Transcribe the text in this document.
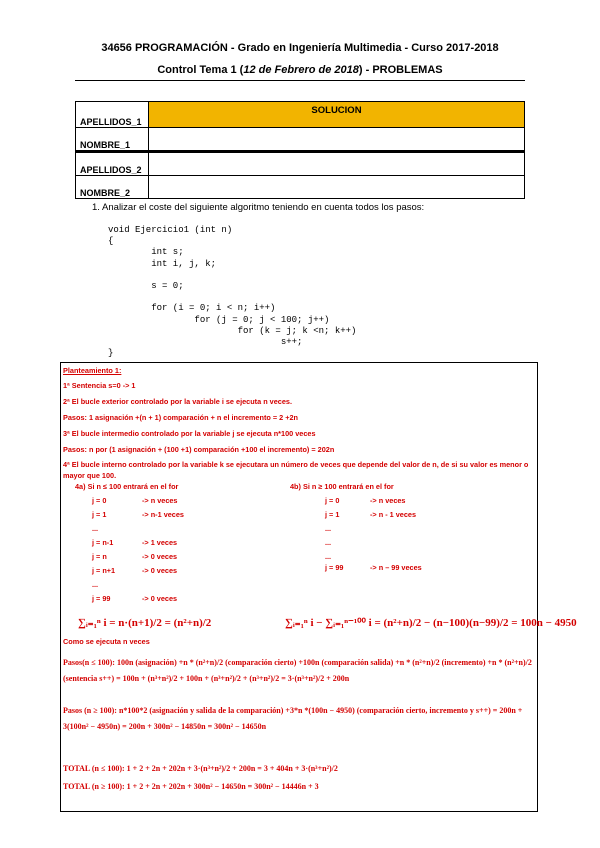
34656 PROGRAMACIÓN - Grado en Ingeniería Multimedia - Curso 2017-2018
Control Tema 1 (12 de Febrero de 2018) - PROBLEMAS
APELLIDOS_1	SOLUCION
NOMBRE_1	
APELLIDOS_2	
NOMBRE_2	
1. Analizar el coste del siguiente algoritmo teniendo en cuenta todos los pasos:
void Ejercicio1 (int n)
{
int s;
int i, j, k;

s = 0;

for (i = 0; i < n; i++)
for (j = 0; j < 100; j++)
for (k = j; k <n; k++)
s++;
}
Planteamiento 1:
1ª Sentencia s=0 -> 1
2ª El bucle exterior controlado por la variable i se ejecuta n veces.
Pasos: 1 asignación +(n + 1) comparación + n el incremento = 2 +2n
3ª El bucle intermedio controlado por la variable j se ejecuta n*100 veces
Pasos: n por (1 asignación + (100 +1) comparación +100 el incremento) = 202n
4ª El bucle interno controlado por la variable k se ejecutara un número de veces que depende del valor de n, de si su valor es menor o mayor que 100.
4a) Si n ≤ 100 entrará en el for	4b) Si n ≥ 100 entrará en el for
j = 0	-> n veces
j = 1	-> n-1 veces
...
j = n-1	-> 1 veces
j = n	-> 0 veces
j = n+1	-> 0 veces
...
j = 99	-> 0 veces
j = 0	-> n veces
j = 1	-> n - 1 veces
...
...
...
j = 99	-> n – 99 veces
∑ᵢ₌₁ⁿ i = n·(n+1)/2 = (n²+n)/2	∑ᵢ₌₁ⁿ i − ∑ᵢ₌₁ⁿ⁻¹⁰⁰ i = (n²+n)/2 − (n−100)(n−99)/2 = 100n − 4950
Como se ejecuta n veces
Pasos(n ≤ 100): 100n (asignación) +n * (n²+n)/2 (comparación cierto) +100n (comparación salida) +n * (n²+n)/2 (incremento) +n * (n²+n)/2 (sentencia s++) = 100n + (n³+n²)/2 + 100n + (n³+n²)/2 + (n³+n²)/2 = 3·(n³+n²)/2 + 200n
Pasos (n ≥ 100): n*100*2 (asignación y salida de la comparación) +3*n *(100n − 4950) (comparación cierto, incremento y s++) = 200n + 3(100n² − 4950n) = 200n + 300n² − 14850n = 300n² − 14650n
TOTAL (n ≤ 100): 1 + 2 + 2n + 202n + 3·(n³+n²)/2 + 200n = 3 + 404n + 3·(n³+n²)/2
TOTAL (n ≥ 100): 1 + 2 + 2n + 202n + 300n² − 14650n = 300n² − 14446n + 3
